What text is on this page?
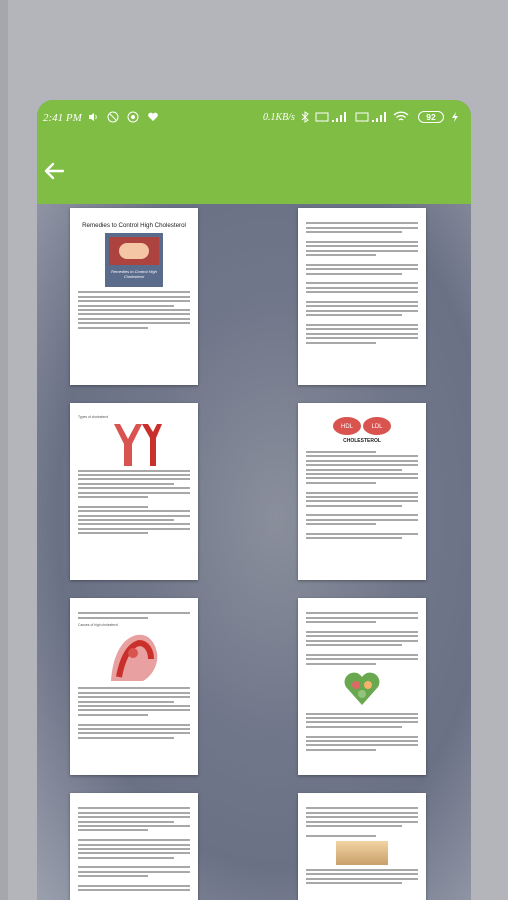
2:41 PM	0.1KB/s	92
Remedies to Control High Cholesterol
Remedies to Control High Cholesterol
Types of cholesterol
HDL	LDL
CHOLESTEROL
Causes of high cholesterol
